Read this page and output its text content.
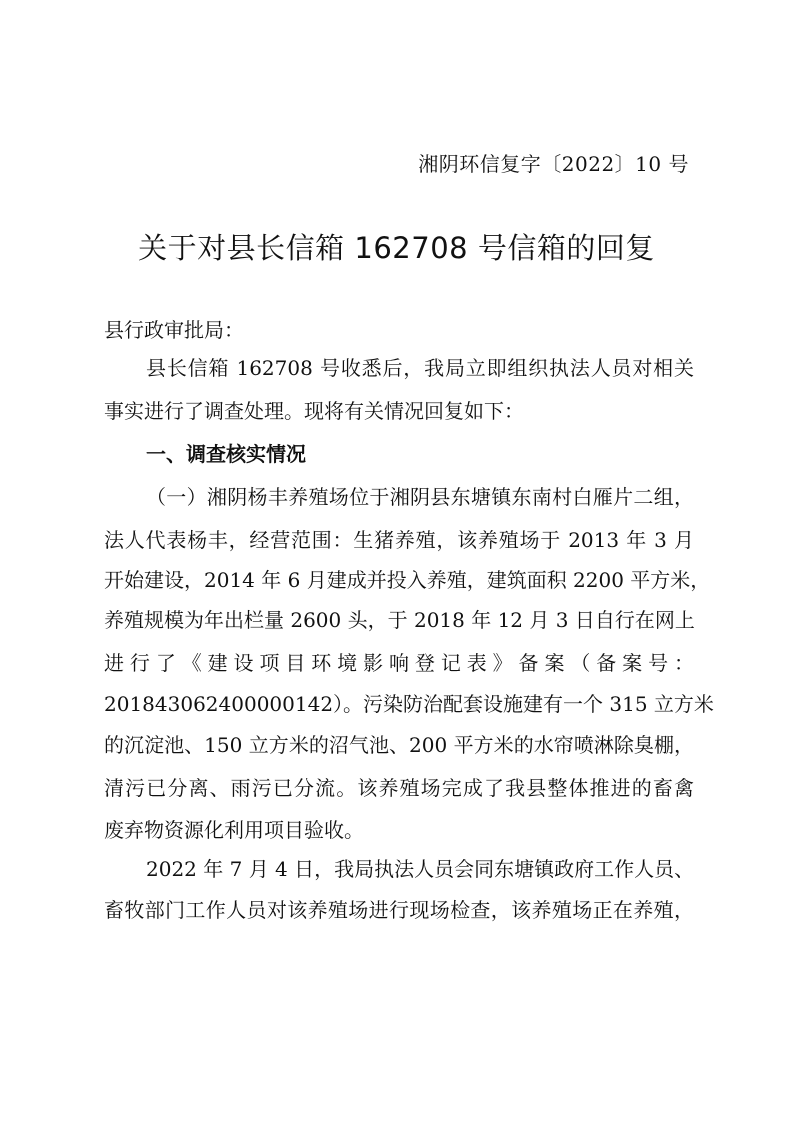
湘阴环信复字〔2022〕10 号
关于对县长信箱 162708 号信箱的回复
县行政审批局：
县长信箱 162708 号收悉后，我局立即组织执法人员对相关
事实进行了调查处理。现将有关情况回复如下：
一、调查核实情况
（一）湘阴杨丰养殖场位于湘阴县东塘镇东南村白雁片二组，
法人代表杨丰，经营范围：生猪养殖，该养殖场于 2013 年 3 月
开始建设，2014 年 6 月建成并投入养殖，建筑面积 2200 平方米，
养殖规模为年出栏量 2600 头，于 2018 年 12 月 3 日自行在网上
进行了《建设项目环境影响登记表》备案（备案号：
201843062400000142）。污染防治配套设施建有一个 315 立方米
的沉淀池、150 立方米的沼气池、200 平方米的水帘喷淋除臭棚，
清污已分离、雨污已分流。该养殖场完成了我县整体推进的畜禽
废弃物资源化利用项目验收。
2022 年 7 月 4 日，我局执法人员会同东塘镇政府工作人员、
畜牧部门工作人员对该养殖场进行现场检查，该养殖场正在养殖，
